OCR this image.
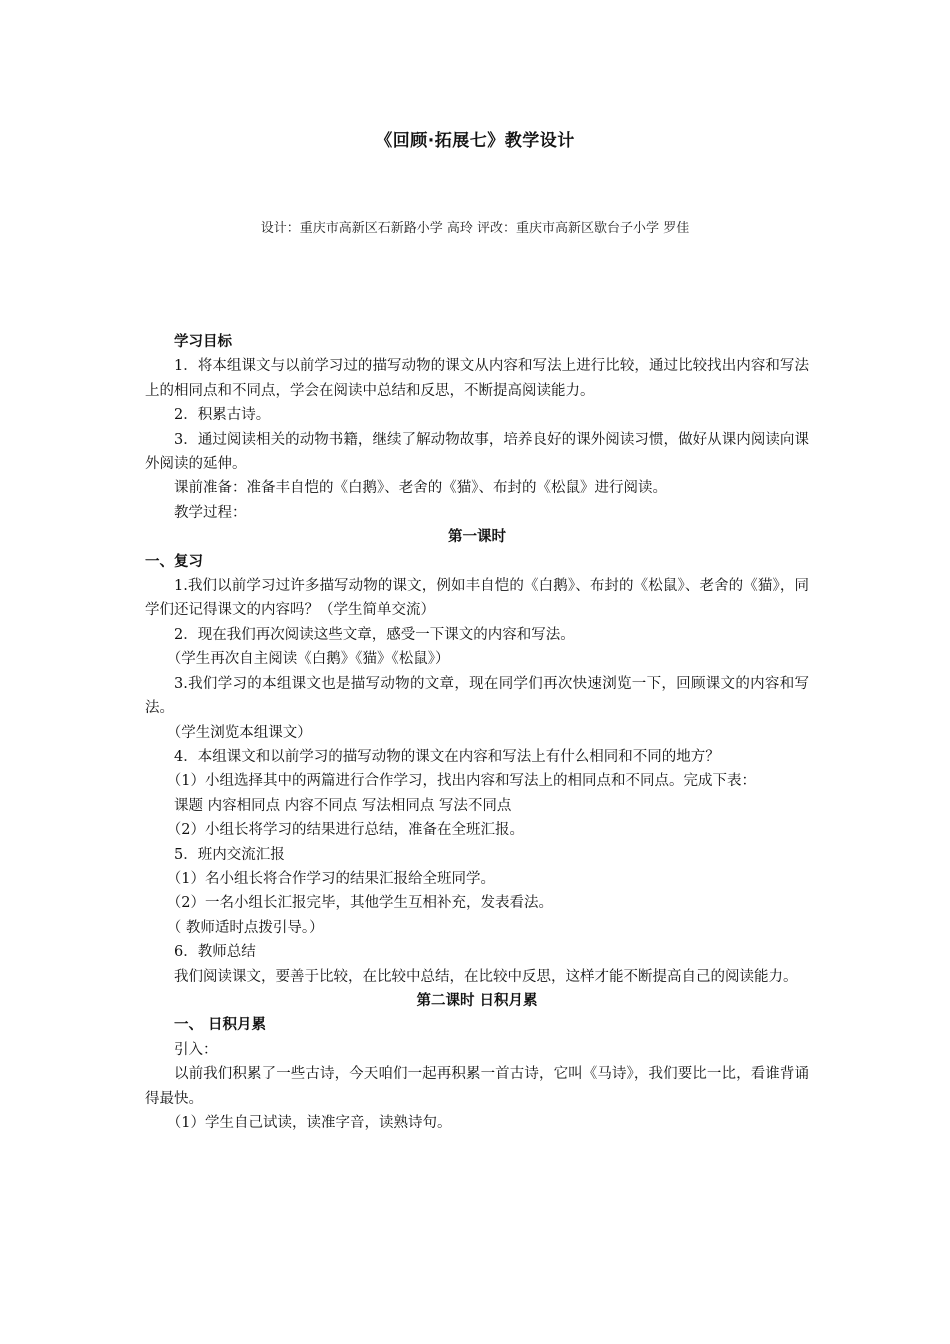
《回顾·拓展七》教学设计
设计：重庆市高新区石新路小学 高玲 评改：重庆市高新区歇台子小学 罗佳

学习目标

1．将本组课文与以前学习过的描写动物的课文从内容和写法上进行比较，通过比较找出内容和写法上的相同点和不同点，学会在阅读中总结和反思，不断提高阅读能力。

2．积累古诗。

3．通过阅读相关的动物书籍，继续了解动物故事，培养良好的课外阅读习惯，做好从课内阅读向课外阅读的延伸。

课前准备：准备丰自恺的《白鹅》、老舍的《猫》、布封的《松鼠》进行阅读。

教学过程：

第一课时

一、复习

1.我们以前学习过许多描写动物的课文，例如丰自恺的《白鹅》、布封的《松鼠》、老舍的《猫》，同学们还记得课文的内容吗？（学生简单交流）

2．现在我们再次阅读这些文章，感受一下课文的内容和写法。

（学生再次自主阅读《白鹅》《猫》《松鼠》）

3.我们学习的本组课文也是描写动物的文章，现在同学们再次快速浏览一下，回顾课文的内容和写法。

（学生浏览本组课文）

4．本组课文和以前学习的描写动物的课文在内容和写法上有什么相同和不同的地方？

（1）小组选择其中的两篇进行合作学习，找出内容和写法上的相同点和不同点。完成下表：

课题 内容相同点 内容不同点 写法相同点 写法不同点

（2）小组长将学习的结果进行总结，准备在全班汇报。

5．班内交流汇报

（1）名小组长将合作学习的结果汇报给全班同学。

（2）一名小组长汇报完毕，其他学生互相补充，发表看法。

（ 教师适时点拨引导。）

6．教师总结

我们阅读课文，要善于比较，在比较中总结，在比较中反思，这样才能不断提高自己的阅读能力。

第二课时 日积月累

一、 日积月累

引入：

以前我们积累了一些古诗，今天咱们一起再积累一首古诗，它叫《马诗》，我们要比一比，看谁背诵得最快。

（1）学生自己试读，读准字音，读熟诗句。
